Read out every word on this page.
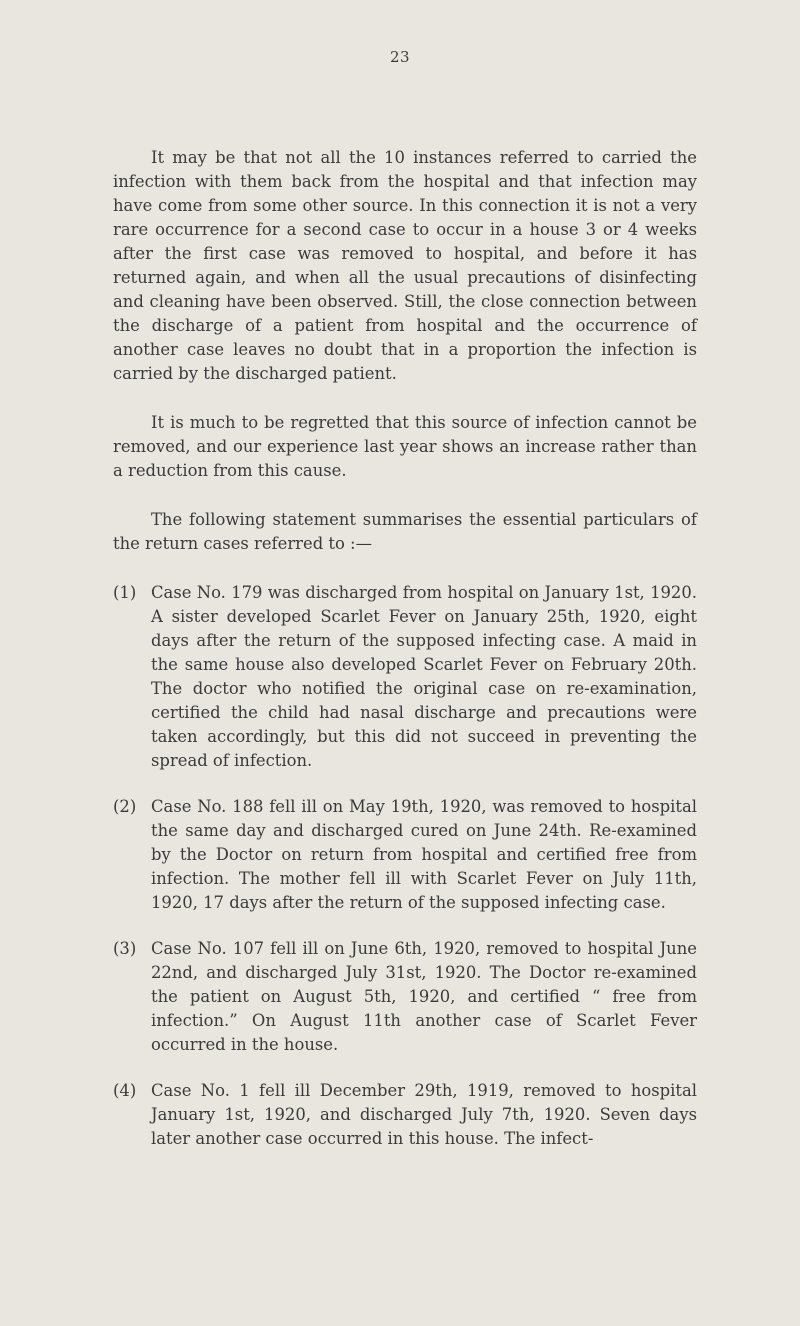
23

It may be that not all the 10 instances referred to carried the infection with them back from the hospital and that infection may have come from some other source. In this connection it is not a very rare occurrence for a second case to occur in a house 3 or 4 weeks after the first case was removed to hospital, and before it has returned again, and when all the usual precautions of disinfecting and cleaning have been observed. Still, the close connection between the discharge of a patient from hospital and the occurrence of another case leaves no doubt that in a proportion the infection is carried by the discharged patient.

It is much to be regretted that this source of infection cannot be removed, and our experience last year shows an increase rather than a reduction from this cause.

The following statement summarises the essential particulars of the return cases referred to :—

(1) Case No. 179 was discharged from hospital on January 1st, 1920. A sister developed Scarlet Fever on January 25th, 1920, eight days after the return of the supposed infecting case. A maid in the same house also developed Scarlet Fever on February 20th. The doctor who notified the original case on re-examination, certified the child had nasal discharge and precautions were taken accordingly, but this did not succeed in preventing the spread of infection.
(2) Case No. 188 fell ill on May 19th, 1920, was removed to hospital the same day and discharged cured on June 24th. Re-examined by the Doctor on return from hospital and certified free from infection. The mother fell ill with Scarlet Fever on July 11th, 1920, 17 days after the return of the supposed infecting case.
(3) Case No. 107 fell ill on June 6th, 1920, removed to hospital June 22nd, and discharged July 31st, 1920. The Doctor re-examined the patient on August 5th, 1920, and certified “ free from infection.” On August 11th another case of Scarlet Fever occurred in the house.
(4) Case No. 1 fell ill December 29th, 1919, removed to hospital January 1st, 1920, and discharged July 7th, 1920. Seven days later another case occurred in this house. The infect-
